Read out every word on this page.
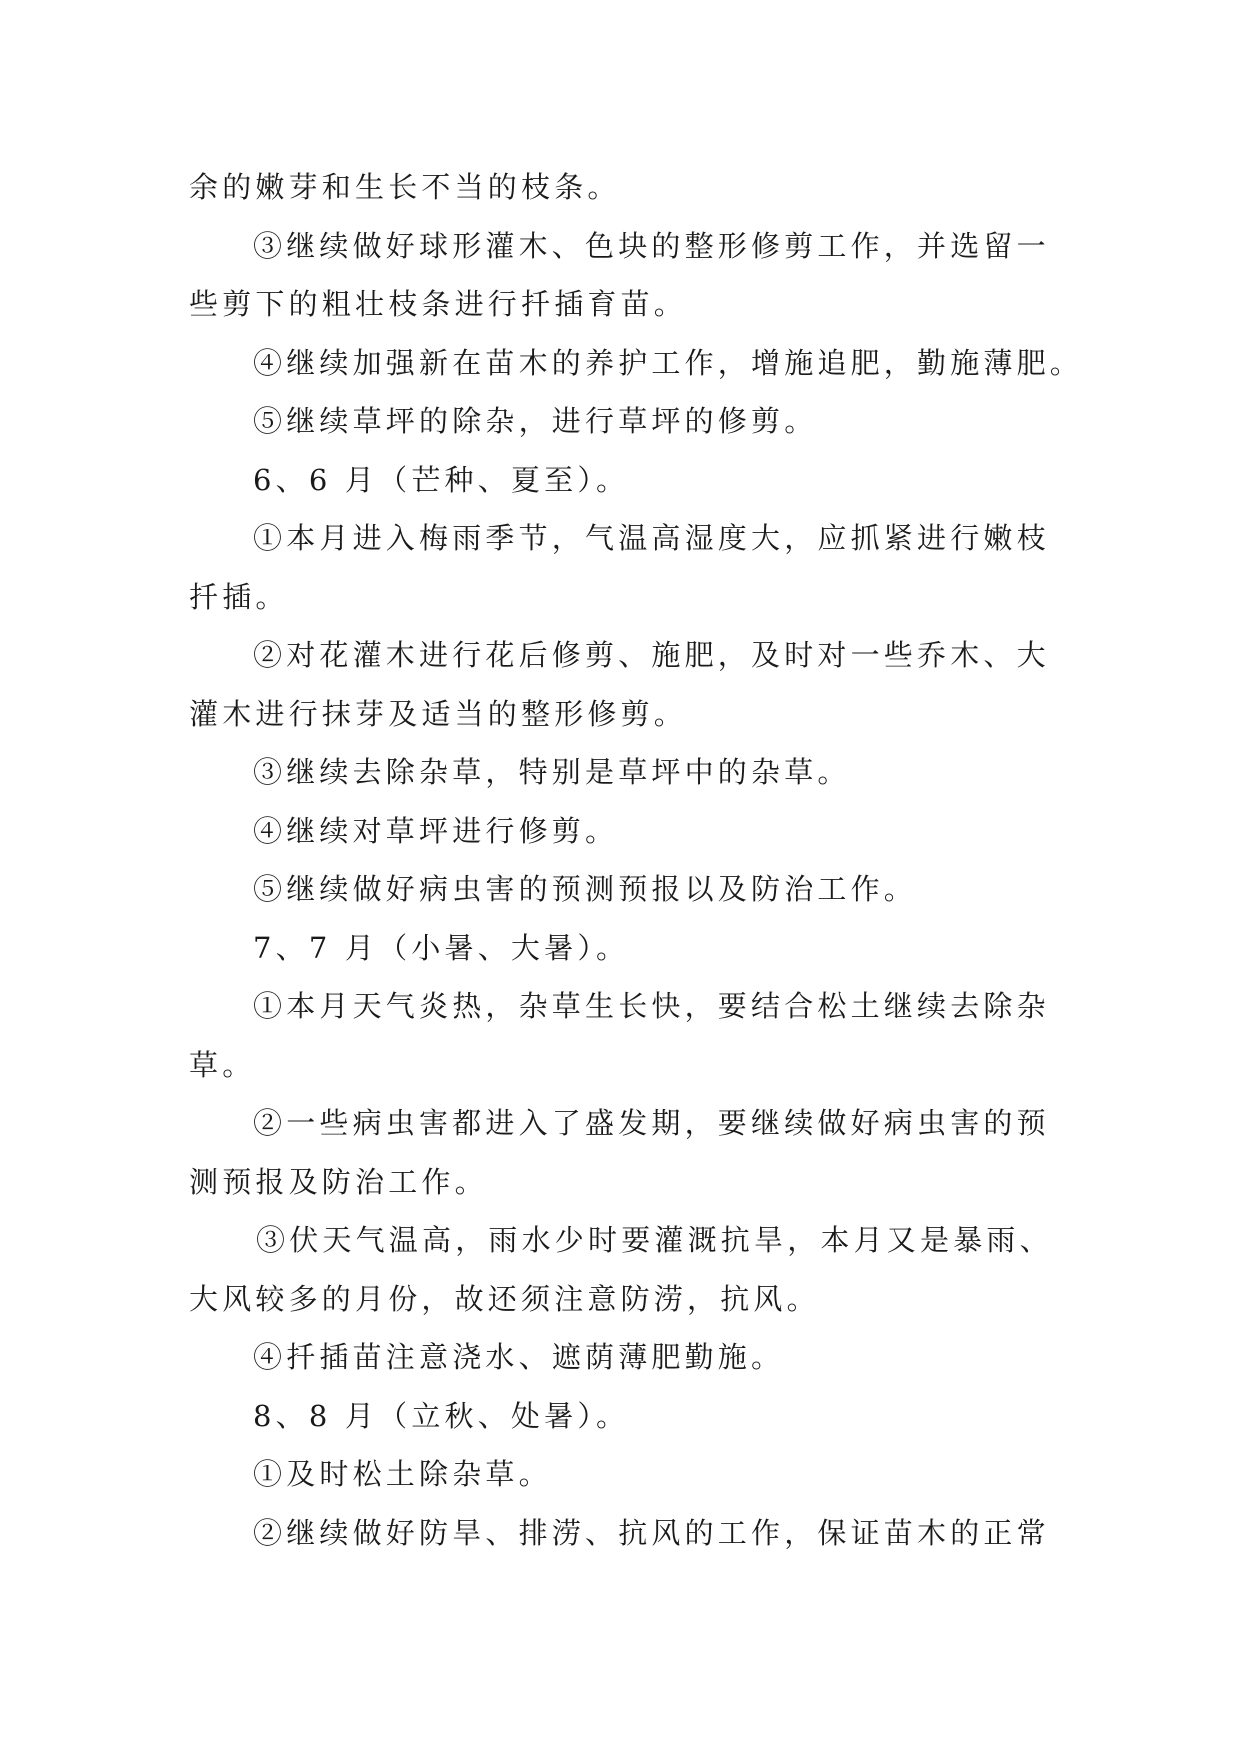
余的嫩芽和生长不当的枝条。
③继续做好球形灌木、色块的整形修剪工作，并选留一
些剪下的粗壮枝条进行扦插育苗。
④继续加强新在苗木的养护工作，增施追肥，勤施薄肥。
⑤继续草坪的除杂，进行草坪的修剪。
6、6 月（芒种、夏至）。
①本月进入梅雨季节，气温高湿度大，应抓紧进行嫩枝
扦插。
②对花灌木进行花后修剪、施肥，及时对一些乔木、大
灌木进行抹芽及适当的整形修剪。
③继续去除杂草，特别是草坪中的杂草。
④继续对草坪进行修剪。
⑤继续做好病虫害的预测预报以及防治工作。
7、7 月（小暑、大暑）。
①本月天气炎热，杂草生长快，要结合松土继续去除杂
草。
②一些病虫害都进入了盛发期，要继续做好病虫害的预
测预报及防治工作。
③伏天气温高，雨水少时要灌溉抗旱，本月又是暴雨、
大风较多的月份，故还须注意防涝，抗风。
④扦插苗注意浇水、遮荫薄肥勤施。
8、8 月（立秋、处暑）。
①及时松土除杂草。
②继续做好防旱、排涝、抗风的工作，保证苗木的正常
